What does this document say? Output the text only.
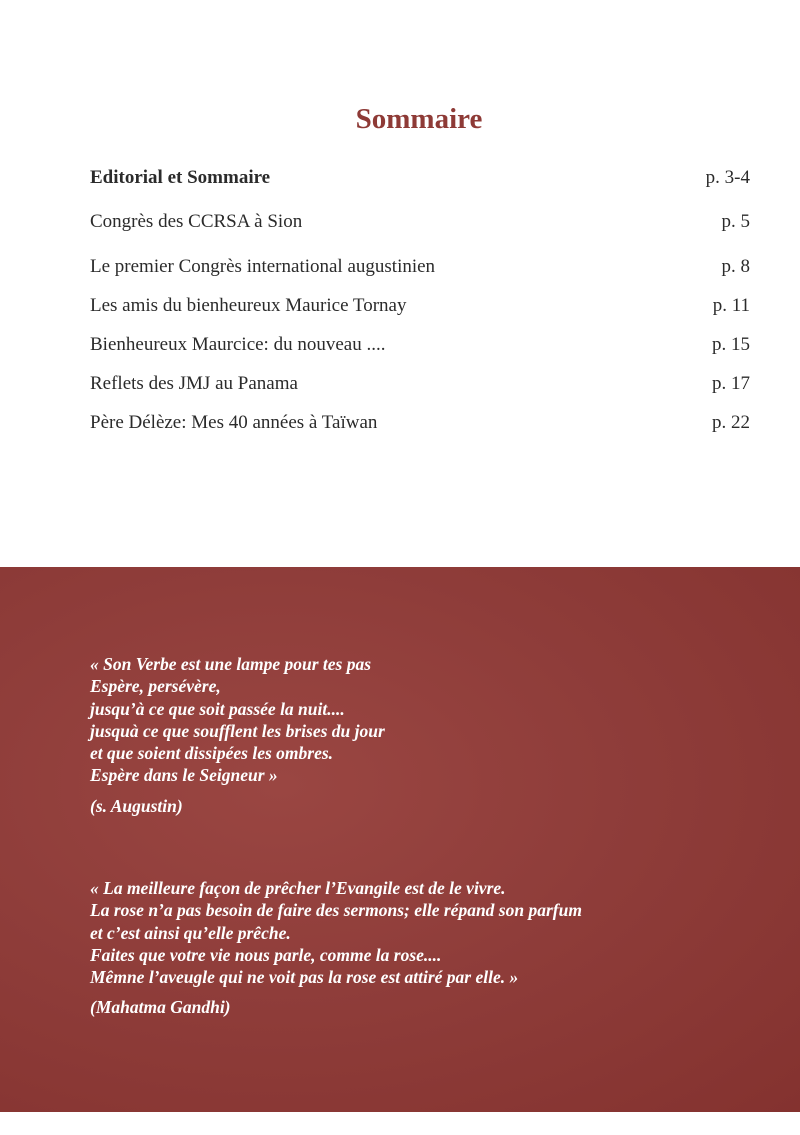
Sommaire
Editorial et Sommaire	p. 3-4
Congrès des CCRSA à Sion	p. 5
Le premier Congrès international augustinien	p. 8
Les amis du bienheureux Maurice Tornay	p. 11
Bienheureux Maurcice: du nouveau ....	p. 15
Reflets des JMJ au Panama	p. 17
Père Délèze: Mes 40 années à Taïwan	p. 22
« Son Verbe est une lampe pour tes pas
Espère, persévère,
jusqu’à ce que soit passée la nuit....
jusquà ce que soufflent les brises du jour
et que soient dissipées les ombres.
Espère dans le Seigneur »
(s. Augustin)
« La meilleure façon de prêcher l’Evangile est de le vivre.
La rose n’a pas besoin de faire des sermons; elle répand son parfum
et c’est ainsi qu’elle prêche.
Faites que votre vie nous parle, comme la rose....
Mêmne l’aveugle qui ne voit pas la rose est attiré par elle. »
(Mahatma Gandhi)
